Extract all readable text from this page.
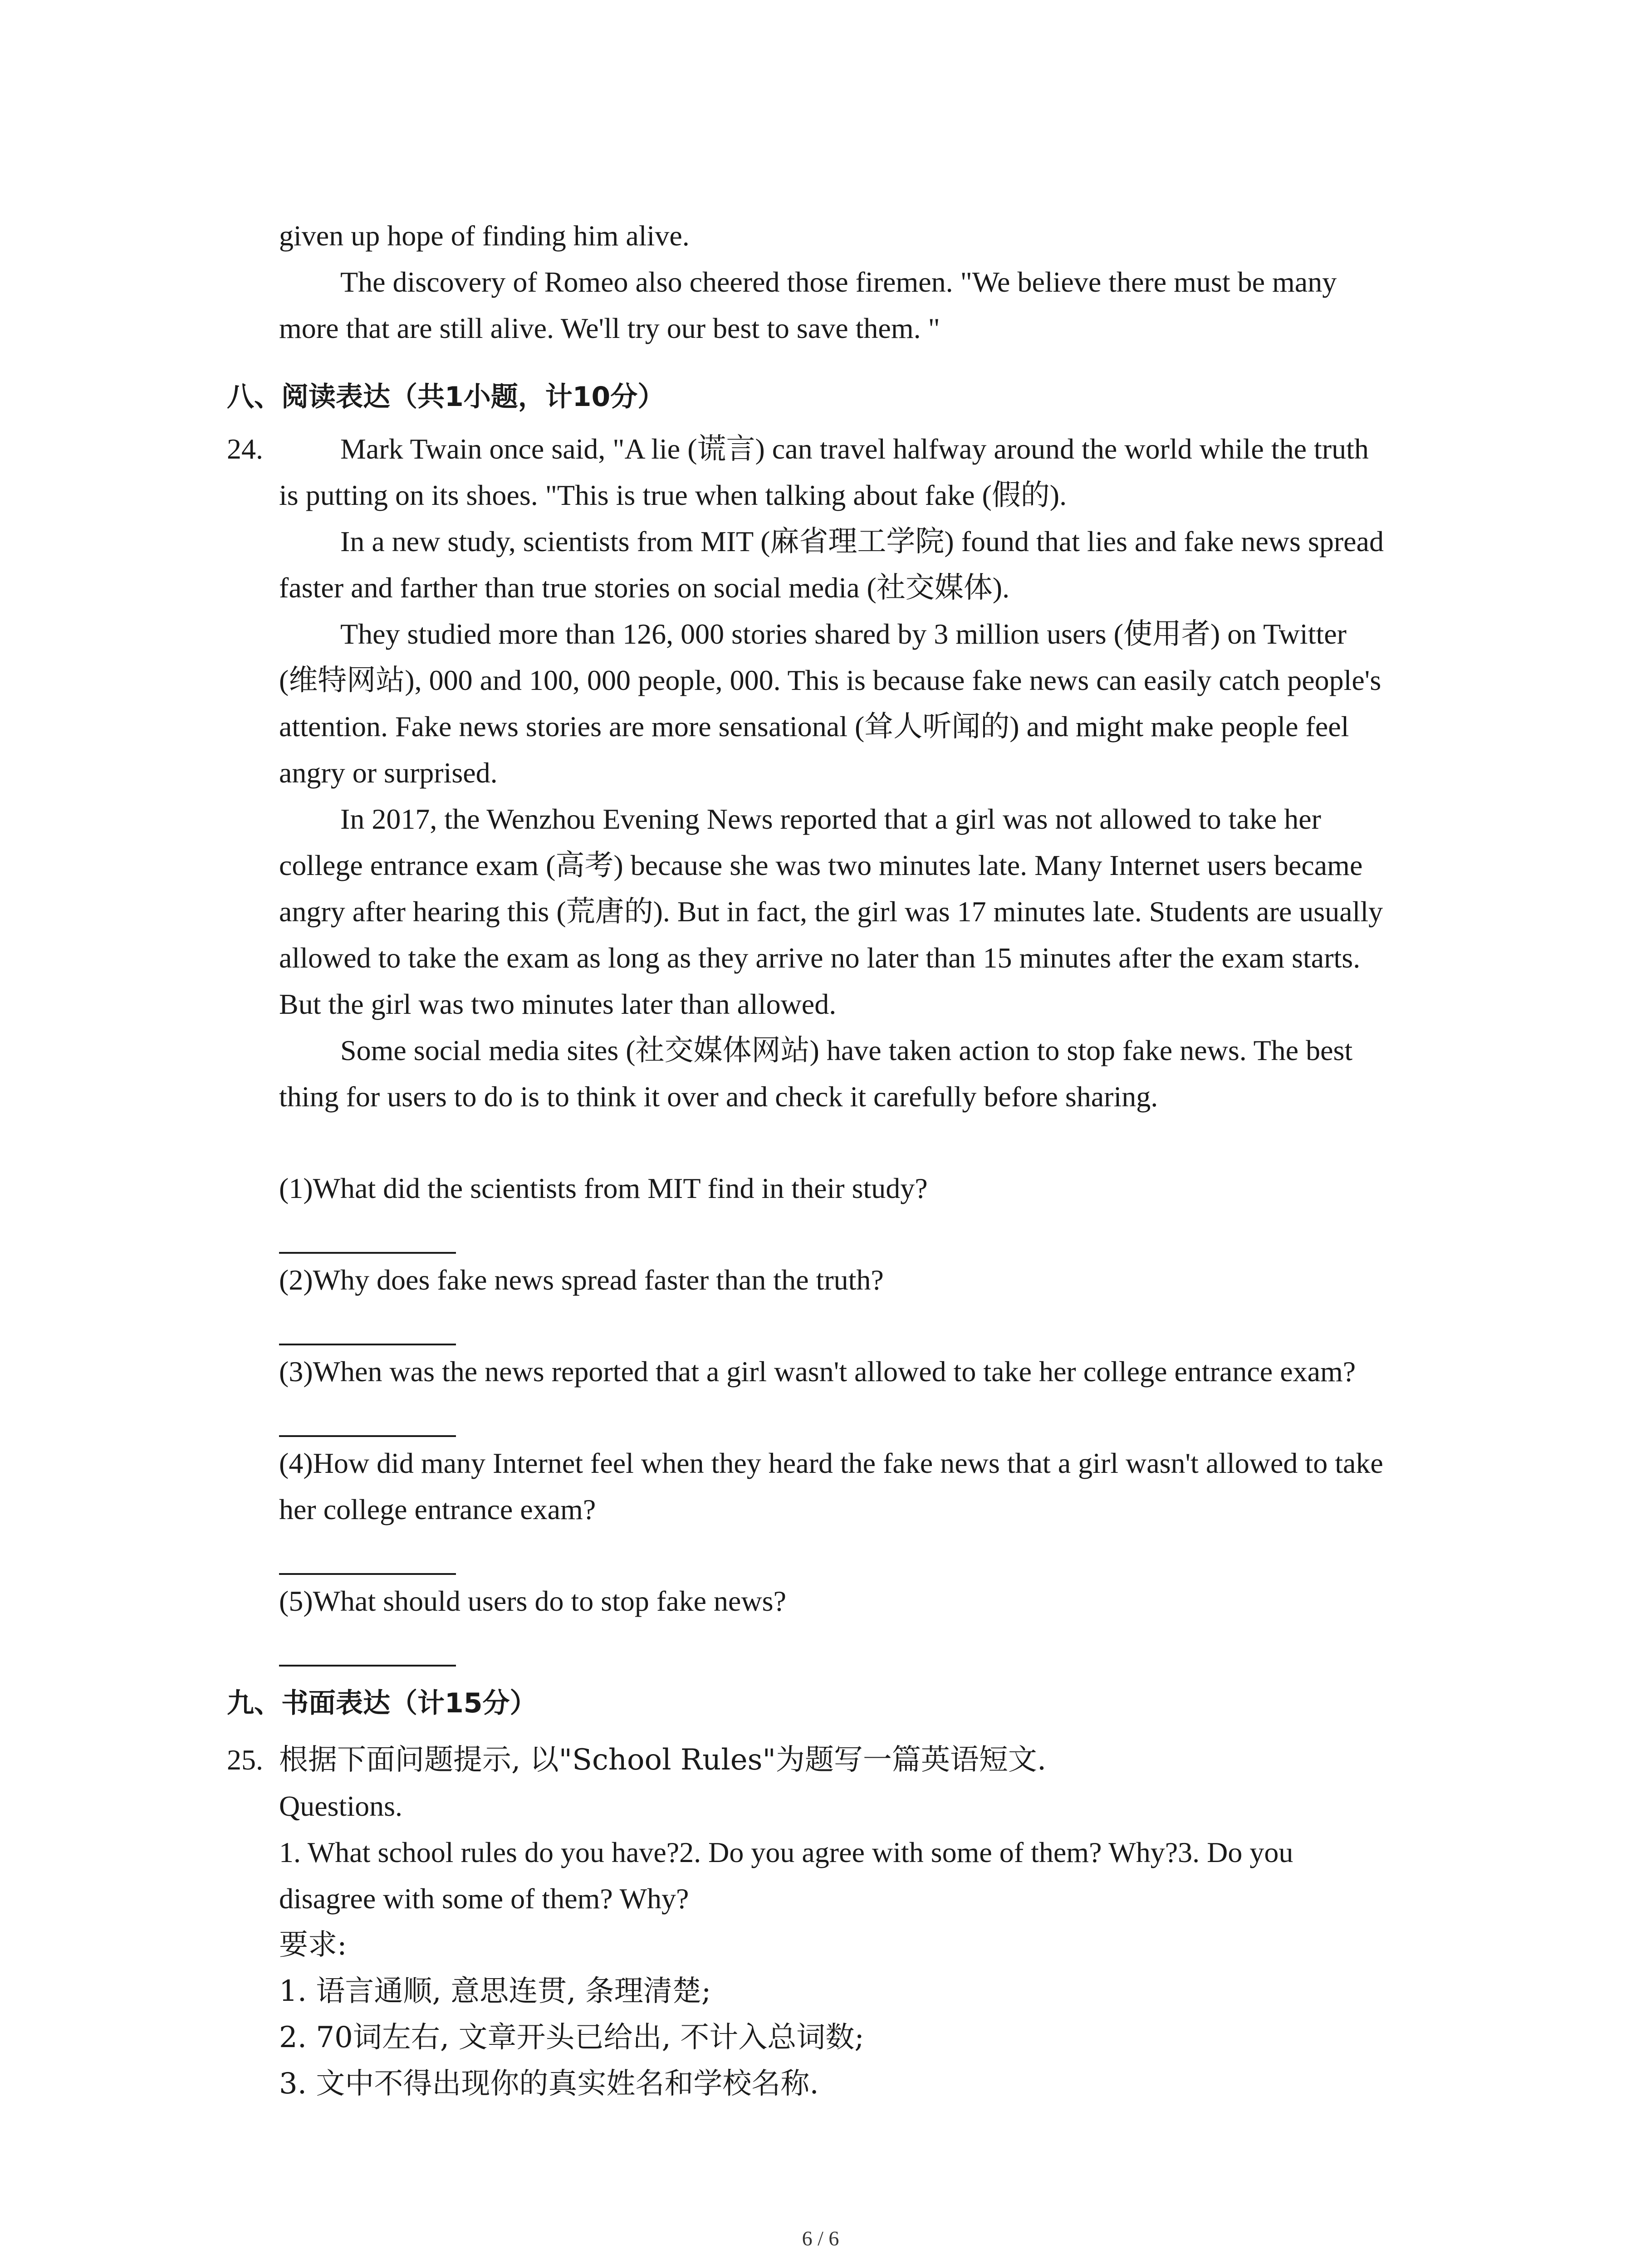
given up hope of finding him alive.
The discovery of Romeo also cheered those firemen. "We believe there must be many
more that are still alive. We'll try our best to save them. "
八、阅读表达（共1小题，计10分）
24.	Mark Twain once said, "A lie (谎言) can travel halfway around the world while the truth
is putting on its shoes. "This is true when talking about fake (假的).
In a new study, scientists from MIT (麻省理工学院) found that lies and fake news spread
faster and farther than true stories on social media (社交媒体).
They studied more than 126, 000 stories shared by 3 million users (使用者) on Twitter
(维特网站), 000 and 100, 000 people, 000. This is because fake news can easily catch people's
attention. Fake news stories are more sensational (耸人听闻的) and might make people feel
angry or surprised.
In 2017, the Wenzhou Evening News reported that a girl was not allowed to take her
college entrance exam (高考) because she was two minutes late. Many Internet users became
angry after hearing this (荒唐的). But in fact, the girl was 17 minutes late. Students are usually
allowed to take the exam as long as they arrive no later than 15 minutes after the exam starts.
But the girl was two minutes later than allowed.
Some social media sites (社交媒体网站) have taken action to stop fake news. The best
thing for users to do is to think it over and check it carefully before sharing.
(1)What did the scientists from MIT find in their study?
(2)Why does fake news spread faster than the truth?
(3)When was the news reported that a girl wasn't allowed to take her college entrance exam?
(4)How did many Internet feel when they heard the fake news that a girl wasn't allowed to take
her college entrance exam?
(5)What should users do to stop fake news?
九、书面表达（计15分）
25. 根据下面问题提示, 以"School Rules"为题写一篇英语短文.
Questions.
1. What school rules do you have?2. Do you agree with some of them? Why?3. Do you
disagree with some of them? Why?
要求:
1. 语言通顺, 意思连贯, 条理清楚;
2. 70词左右, 文章开头已给出, 不计入总词数;
3. 文中不得出现你的真实姓名和学校名称.
6 / 6
